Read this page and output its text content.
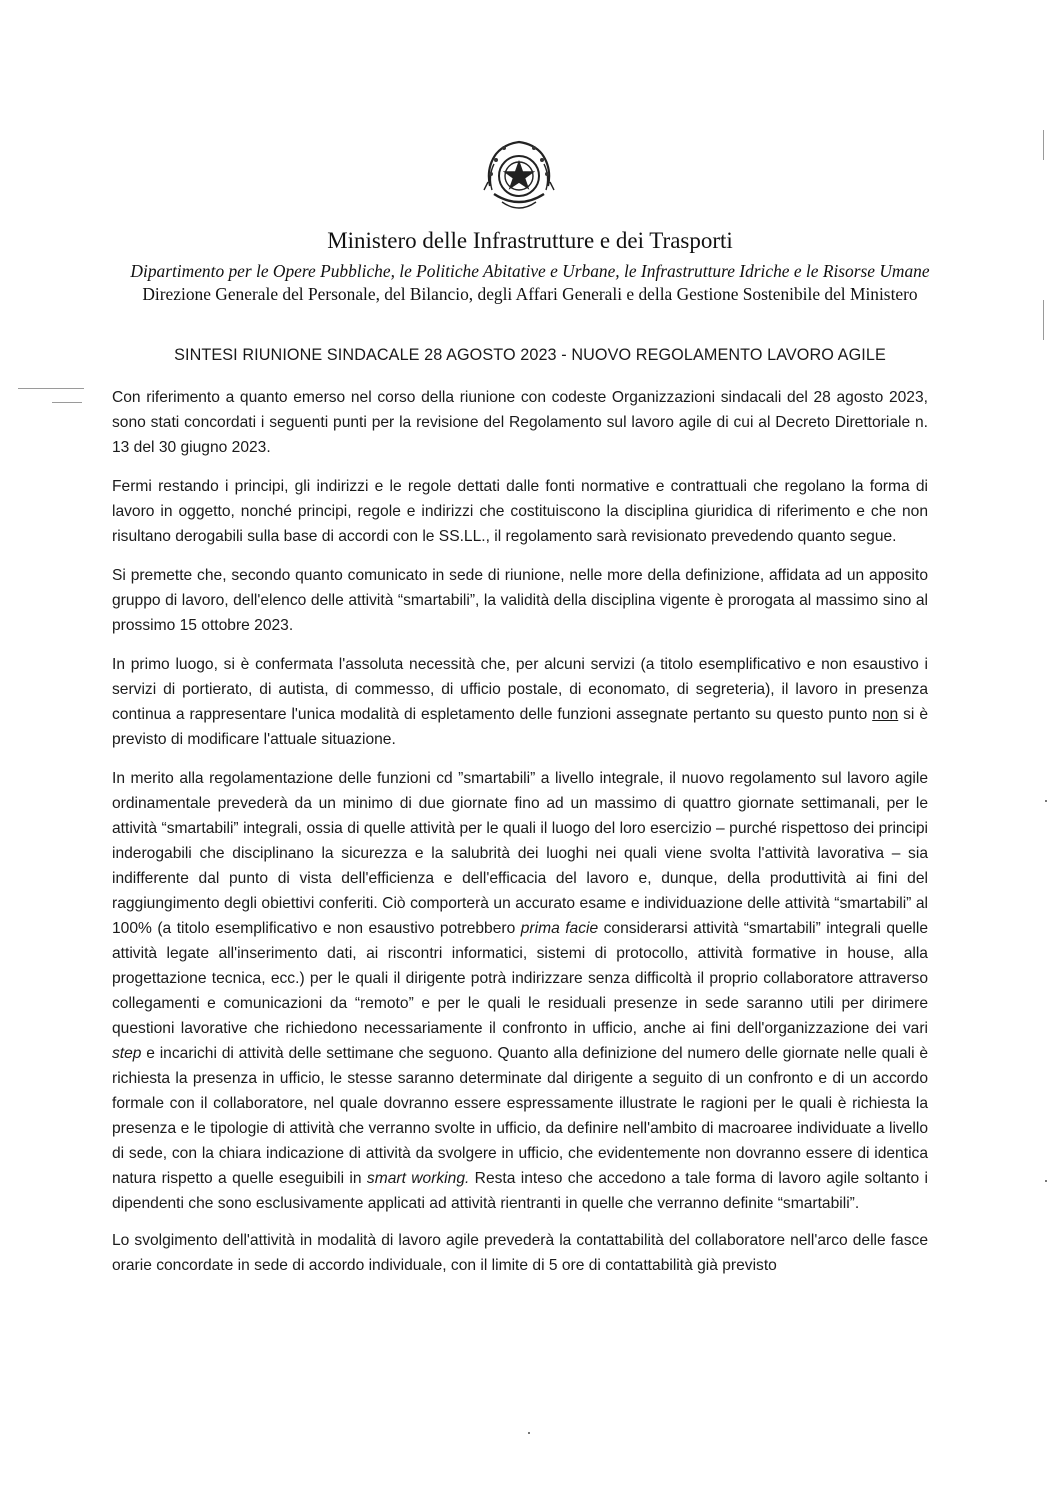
Ministero delle Infrastrutture e dei Trasporti
Dipartimento per le Opere Pubbliche, le Politiche Abitative e Urbane, le Infrastrutture Idriche e le Risorse Umane
Direzione Generale del Personale, del Bilancio, degli Affari Generali e della Gestione Sostenibile del Ministero
SINTESI RIUNIONE SINDACALE 28 AGOSTO 2023 - NUOVO REGOLAMENTO LAVORO AGILE

Con riferimento a quanto emerso nel corso della riunione con codeste Organizzazioni sindacali del 28 agosto 2023, sono stati concordati i seguenti punti per la revisione del Regolamento sul lavoro agile di cui al Decreto Direttoriale n. 13 del 30 giugno 2023.

Fermi restando i principi, gli indirizzi e le regole dettati dalle fonti normative e contrattuali che regolano la forma di lavoro in oggetto, nonché principi, regole e indirizzi che costituiscono la disciplina giuridica di riferimento e che non risultano derogabili sulla base di accordi con le SS.LL., il regolamento sarà revisionato prevedendo quanto segue.

Si premette che, secondo quanto comunicato in sede di riunione, nelle more della definizione, affidata ad un apposito gruppo di lavoro, dell'elenco delle attività “smartabili”, la validità della disciplina vigente è prorogata al massimo sino al prossimo 15 ottobre 2023.

In primo luogo, si è confermata l'assoluta necessità che, per alcuni servizi (a titolo esemplificativo e non esaustivo i servizi di portierato, di autista, di commesso, di ufficio postale, di economato, di segreteria), il lavoro in presenza continua a rappresentare l'unica modalità di espletamento delle funzioni assegnate pertanto su questo punto non si è previsto di modificare l'attuale situazione.

In merito alla regolamentazione delle funzioni cd ”smartabili” a livello integrale, il nuovo regolamento sul lavoro agile ordinamentale prevederà da un minimo di due giornate fino ad un massimo di quattro giornate settimanali, per le attività “smartabili” integrali, ossia di quelle attività per le quali il luogo del loro esercizio – purché rispettoso dei principi inderogabili che disciplinano la sicurezza e la salubrità dei luoghi nei quali viene svolta l'attività lavorativa – sia indifferente dal punto di vista dell'efficienza e dell'efficacia del lavoro e, dunque, della produttività ai fini del raggiungimento degli obiettivi conferiti. Ciò comporterà un accurato esame e individuazione delle attività “smartabili” al 100% (a titolo esemplificativo e non esaustivo potrebbero prima facie considerarsi attività “smartabili” integrali quelle attività legate all'inserimento dati, ai riscontri informatici, sistemi di protocollo, attività formative in house, alla progettazione tecnica, ecc.) per le quali il dirigente potrà indirizzare senza difficoltà il proprio collaboratore attraverso collegamenti e comunicazioni da “remoto” e per le quali le residuali presenze in sede saranno utili per dirimere questioni lavorative che richiedono necessariamente il confronto in ufficio, anche ai fini dell'organizzazione dei vari step e incarichi di attività delle settimane che seguono. Quanto alla definizione del numero delle giornate nelle quali è richiesta la presenza in ufficio, le stesse saranno determinate dal dirigente a seguito di un confronto e di un accordo formale con il collaboratore, nel quale dovranno essere espressamente illustrate le ragioni per le quali è richiesta la presenza e le tipologie di attività che verranno svolte in ufficio, da definire nell'ambito di macroaree individuate a livello di sede, con la chiara indicazione di attività da svolgere in ufficio, che evidentemente non dovranno essere di identica natura rispetto a quelle eseguibili in smart working. Resta inteso che accedono a tale forma di lavoro agile soltanto i dipendenti che sono esclusivamente applicati ad attività rientranti in quelle che verranno definite “smartabili”.

Lo svolgimento dell'attività in modalità di lavoro agile prevederà la contattabilità del collaboratore nell'arco delle fasce orarie concordate in sede di accordo individuale, con il limite di 5 ore di contattabilità già previsto
